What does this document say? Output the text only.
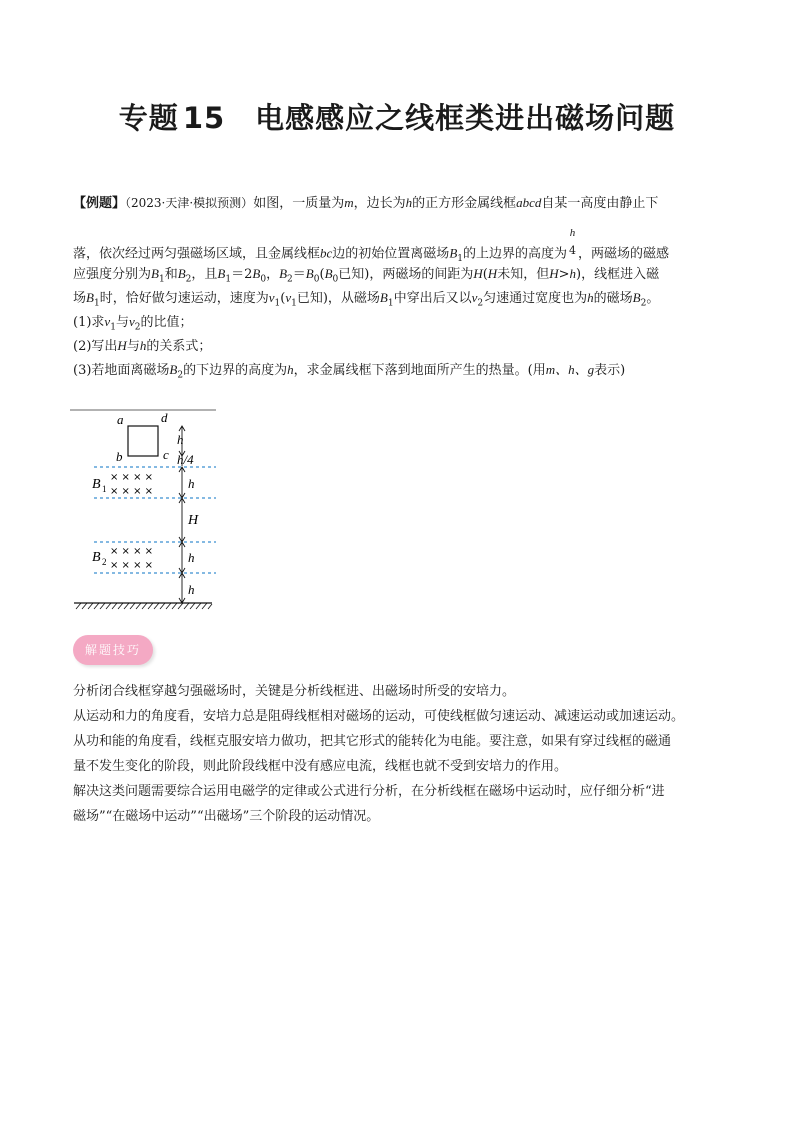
专题 15 电感感应之线框类进出磁场问题
【例题】（2023·天津·模拟预测）如图，一质量为m，边长为h的正方形金属线框abcd自某一高度由静止下
落，依次经过两匀强磁场区域，且金属线框bc边的初始位置离磁场$B_1$的上边界的高度为
h
4 ，两磁场的磁感
应强度分别为$B_1$和$B_2$，且$B_1=2B_0$，$B_2=B_0(B_0$已知)，两磁场的间距为H(H未知，但H>h)，线框进入磁
场$B_1$时，恰好做匀速运动，速度为$v_1(v_1$已知)，从磁场$B_1$中穿出后又以$v_2$匀速通过宽度也为h的磁场$B_2$。
(1)求$v_1$与$v_2$的比值；
(2)写出H与h的关系式；
(3)若地面离磁场$B_2$的下边界的高度为h，求金属线框下落到地面所产生的热量。(用m、h、g表示)
a	d
b	c
h
h/4
× × × ×
× × × ×
B 1	h
H
× × × ×
× × × ×
B 2	h
h
解题技巧
分析闭合线框穿越匀强磁场时，关键是分析线框进、出磁场时所受的安培力。
从运动和力的角度看，安培力总是阻碍线框相对磁场的运动，可使线框做匀速运动、减速运动或加速运动。
从功和能的角度看，线框克服安培力做功，把其它形式的能转化为电能。要注意，如果有穿过线框的磁通
量不发生变化的阶段，则此阶段线框中没有感应电流，线框也就不受到安培力的作用。
解决这类问题需要综合运用电磁学的定律或公式进行分析，在分析线框在磁场中运动时，应仔细分析“进
磁场”“在磁场中运动”“出磁场”三个阶段的运动情况。
